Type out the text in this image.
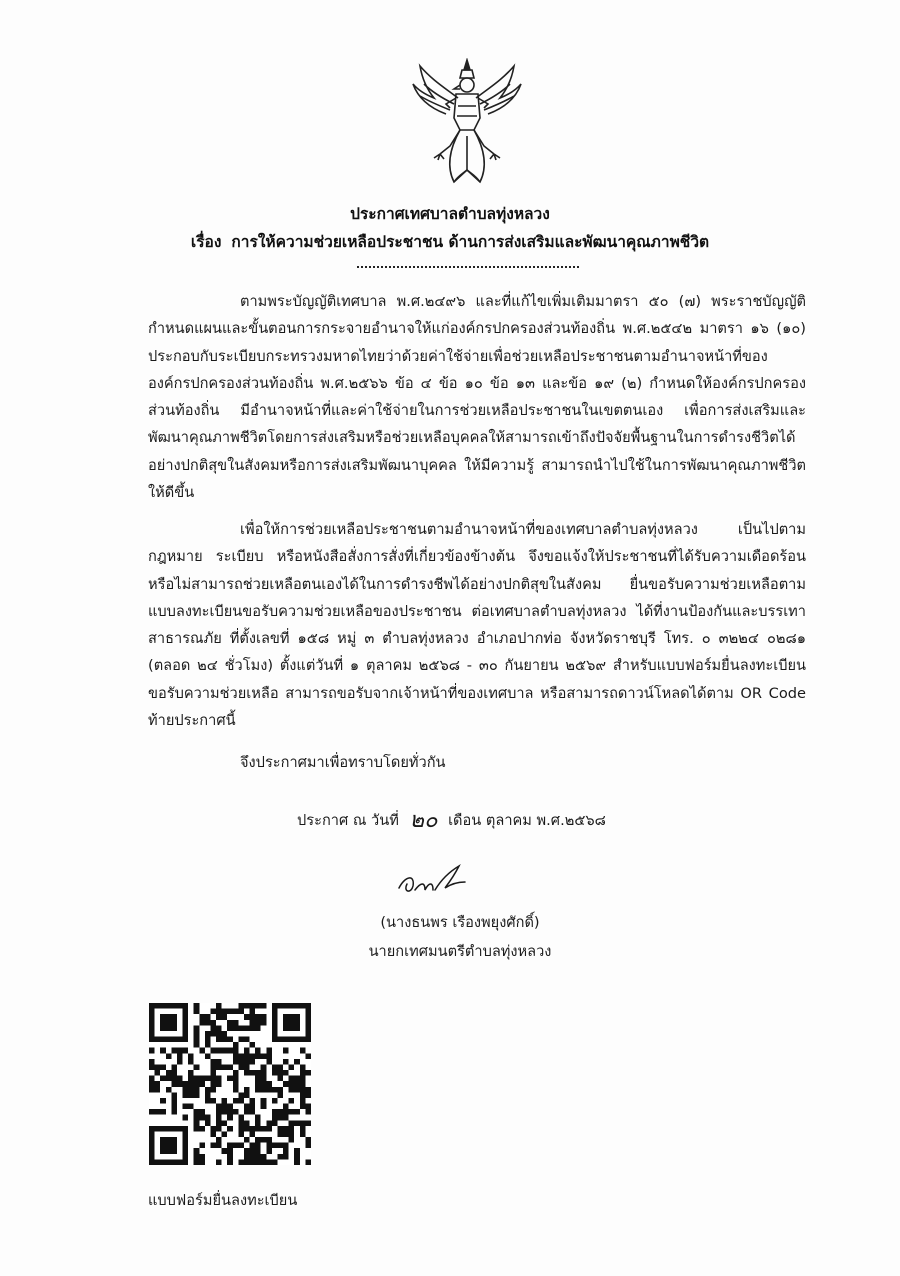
ประกาศเทศบาลตำบลทุ่งหลวง
เรื่อง การให้ความช่วยเหลือประชาชน ด้านการส่งเสริมและพัฒนาคุณภาพชีวิต

ตามพระบัญญัติเทศบาล พ.ศ.๒๔๙๖ และที่แก้ไขเพิ่มเติมมาตรา ๕๐ (๗) พระราชบัญญัติกำหนดแผนและขั้นตอนการกระจายอำนาจให้แก่องค์กรปกครองส่วนท้องถิ่น พ.ศ.๒๕๔๒ มาตรา ๑๖ (๑๐) ประกอบกับระเบียบกระทรวงมหาดไทยว่าด้วยค่าใช้จ่ายเพื่อช่วยเหลือประชาชนตามอำนาจหน้าที่ขององค์กรปกครองส่วนท้องถิ่น พ.ศ.๒๕๖๖ ข้อ ๔ ข้อ ๑๐ ข้อ ๑๓ และข้อ ๑๙ (๒) กำหนดให้องค์กรปกครองส่วนท้องถิ่น มีอำนาจหน้าที่และค่าใช้จ่ายในการช่วยเหลือประชาชนในเขตตนเอง เพื่อการส่งเสริมและพัฒนาคุณภาพชีวิตโดยการส่งเสริมหรือช่วยเหลือบุคคลให้สามารถเข้าถึงปัจจัยพื้นฐานในการดำรงชีวิตได้อย่างปกติสุขในสังคมหรือการส่งเสริมพัฒนาบุคคล ให้มีความรู้ สามารถนำไปใช้ในการพัฒนาคุณภาพชีวิตให้ดีขึ้น

เพื่อให้การช่วยเหลือประชาชนตามอำนาจหน้าที่ของเทศบาลตำบลทุ่งหลวง เป็นไปตามกฎหมาย ระเบียบ หรือหนังสือสั่งการสั่งที่เกี่ยวข้องข้างต้น จึงขอแจ้งให้ประชาชนที่ได้รับความเดือดร้อนหรือไม่สามารถช่วยเหลือตนเองได้ในการดำรงชีพได้อย่างปกติสุขในสังคม ยื่นขอรับความช่วยเหลือตามแบบลงทะเบียนขอรับความช่วยเหลือของประชาชน ต่อเทศบาลตำบลทุ่งหลวง ได้ที่งานป้องกันและบรรเทาสาธารณภัย ที่ตั้งเลขที่ ๑๕๘ หมู่ ๓ ตำบลทุ่งหลวง อำเภอปากท่อ จังหวัดราชบุรี โทร. ๐ ๓๒๒๔ ๐๒๘๑ (ตลอด ๒๔ ชั่วโมง) ตั้งแต่วันที่ ๑ ตุลาคม ๒๕๖๘ - ๓๐ กันยายน ๒๕๖๙ สำหรับแบบฟอร์มยื่นลงทะเบียนขอรับความช่วยเหลือ สามารถขอรับจากเจ้าหน้าที่ของเทศบาล หรือสามารถดาวน์โหลดได้ตาม OR Code ท้ายประกาศนี้

จึงประกาศมาเพื่อทราบโดยทั่วกัน
ประกาศ ณ วันที่ ๒๐ เดือน ตุลาคม พ.ศ.๒๕๖๘
(นางธนพร เรืองพยุงศักดิ์)
นายกเทศมนตรีตำบลทุ่งหลวง
แบบฟอร์มยื่นลงทะเบียน
